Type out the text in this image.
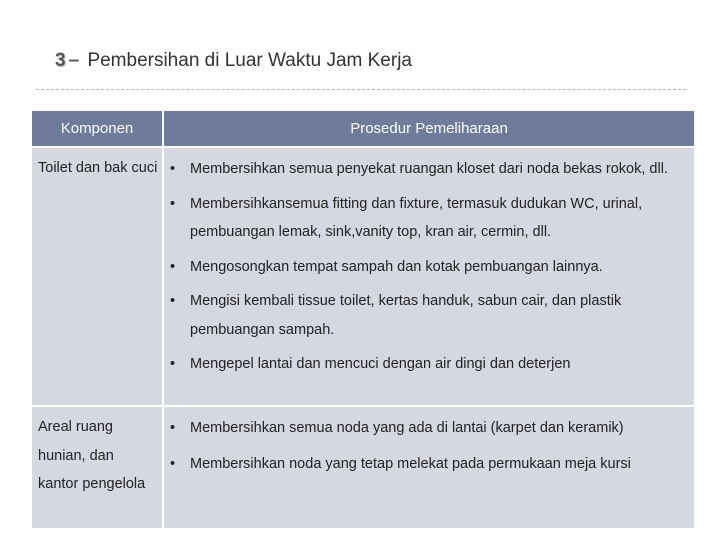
3 – Pembersihan di Luar Waktu Jam Kerja
Komponen	Prosedur Pemeliharaan
Toilet dan bak cuci • Membersihkan semua penyekat ruangan kloset dari noda bekas rokok, dll.
• Membersihkansemua fitting dan fixture, termasuk dudukan WC, urinal, pembuangan lemak, sink,vanity top, kran air, cermin, dll.
• Mengosongkan tempat sampah dan kotak pembuangan lainnya.
• Mengisi kembali tissue toilet, kertas handuk, sabun cair, dan plastik pembuangan sampah.
• Mengepel lantai dan mencuci dengan air dingi dan deterjen
Areal ruang hunian, dan kantor pengelola
• Membersihkan semua noda yang ada di lantai (karpet dan keramik)
• Membersihkan noda yang tetap melekat pada permukaan meja kursi
